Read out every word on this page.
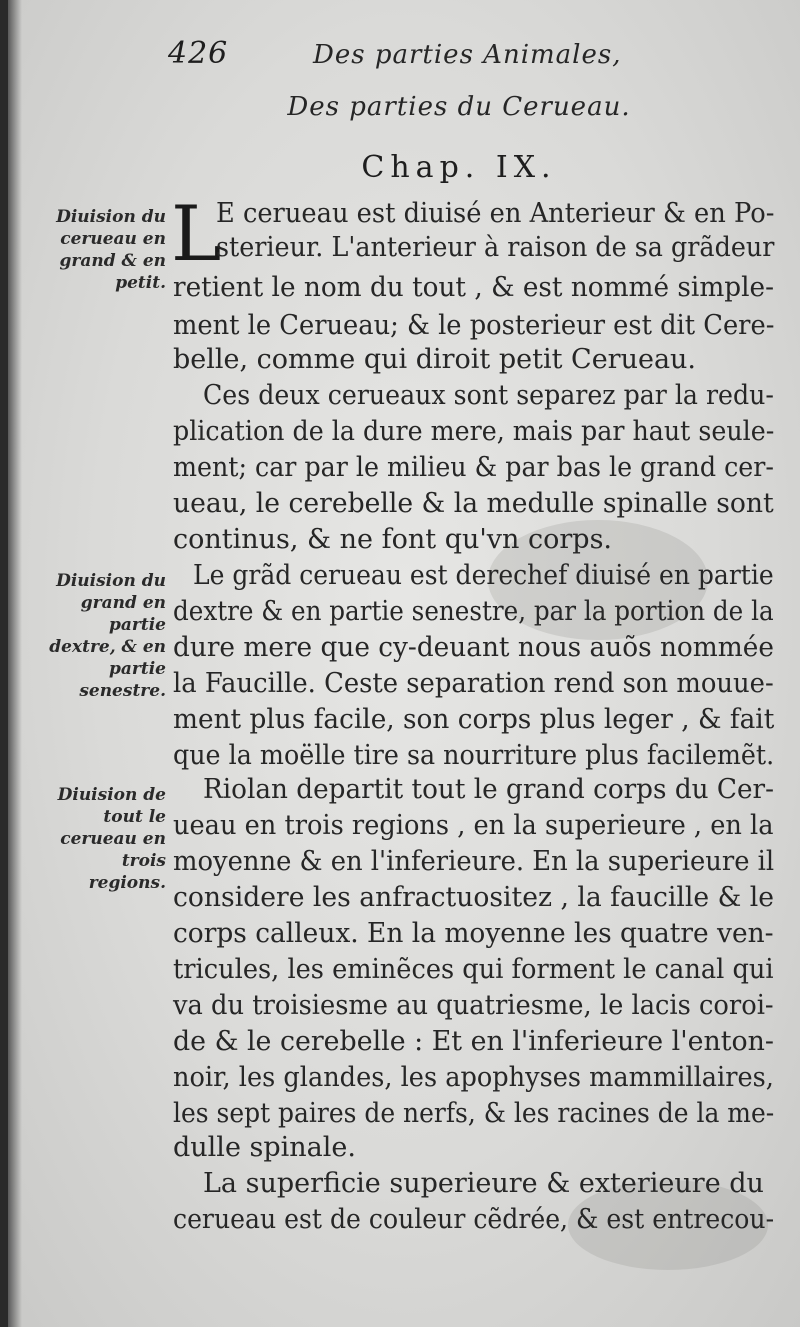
426	Des parties Animales,
Des parties du Cerueau.
Chap. IX.
Diuision du cerueau en grand & en petit.
Diuision du grand en partie dextre, & en partie senestre.
Diuision de tout le cerueau en trois regions.
L
E cerueau est diuisé en Anterieur & en Po-
sterieur. L'anterieur à raison de sa grãdeur
retient le nom du tout , & est nommé simple-
ment le Cerueau; & le posterieur est dit Cere-
belle, comme qui diroit petit Cerueau.
Ces deux cerueaux sont separez par la redu-
plication de la dure mere, mais par haut seule-
ment; car par le milieu & par bas le grand cer-
ueau, le cerebelle & la medulle spinalle sont
continus, & ne font qu'vn corps.
Le grãd cerueau est derechef diuisé en partie
dextre & en partie senestre, par la portion de la
dure mere que cy-deuant nous auõs nommée
la Faucille. Ceste separation rend son mouue-
ment plus facile, son corps plus leger , & fait
que la moëlle tire sa nourriture plus facilemẽt.
Riolan departit tout le grand corps du Cer-
ueau en trois regions , en la superieure , en la
moyenne & en l'inferieure. En la superieure il
considere les anfractuositez , la faucille & le
corps calleux. En la moyenne les quatre ven-
tricules, les eminẽces qui forment le canal qui
va du troisiesme au quatriesme, le lacis coroi-
de & le cerebelle : Et en l'inferieure l'enton-
noir, les glandes, les apophyses mammillaires,
les sept paires de nerfs, & les racines de la me-
dulle spinale.
La superficie superieure & exterieure du
cerueau est de couleur cẽdrée, & est entrecou-
